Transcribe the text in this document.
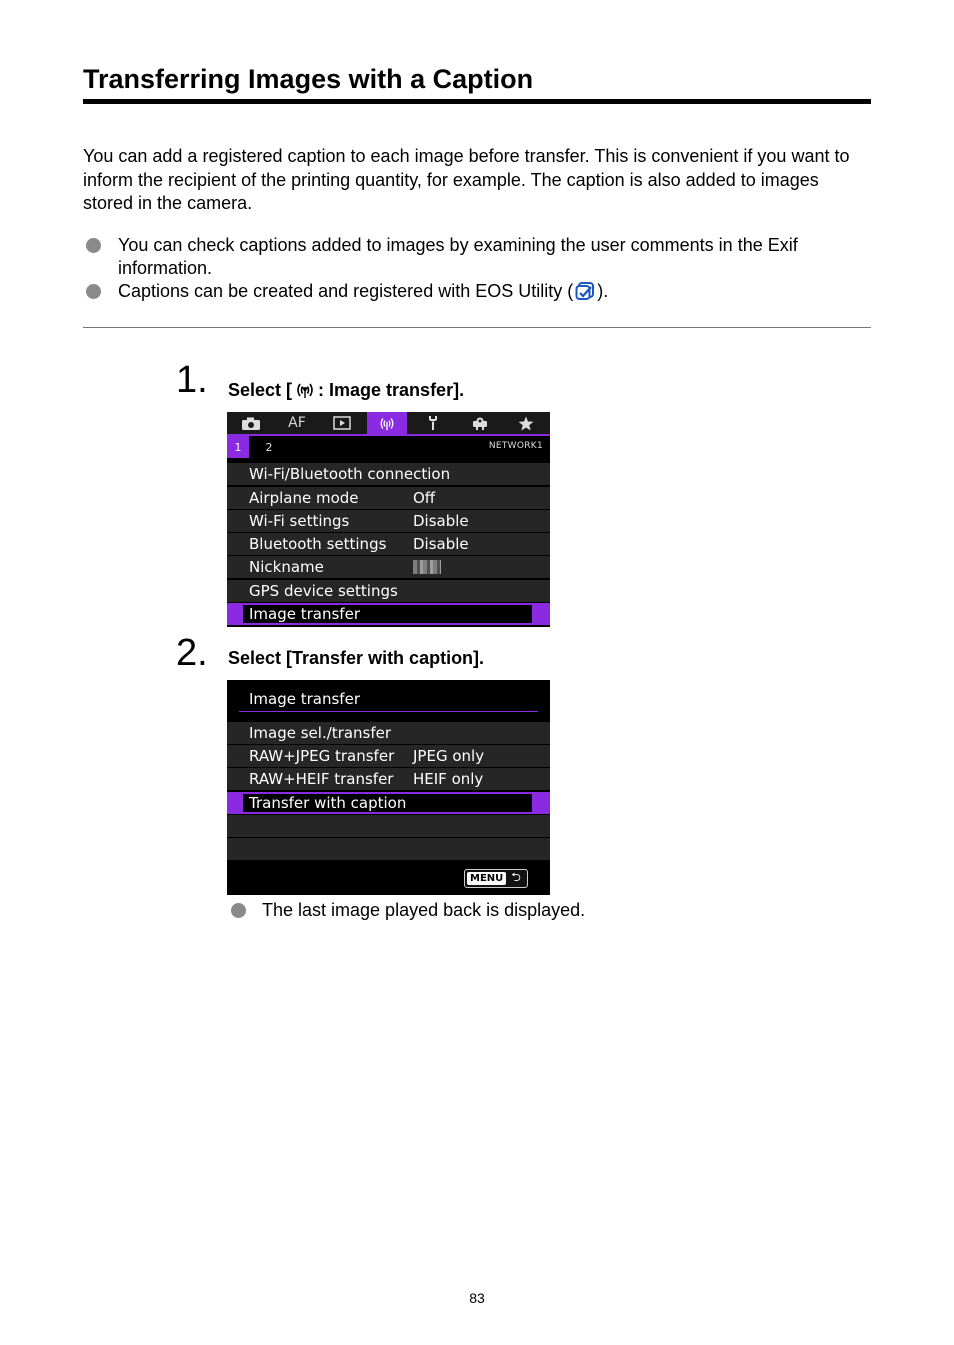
Transferring Images with a Caption

You can add a registered caption to each image before transfer. This is convenient if you want to inform the recipient of the printing quantity, for example. The caption is also added to images stored in the camera.

You can check captions added to images by examining the user comments in the Exif information.
Captions can be created and registered with EOS Utility ( ).
1. Select [ : Image transfer].
AF
1	2	NETWORK1
Wi-Fi/Bluetooth connection
Airplane mode	Off
Wi-Fi settings	Disable
Bluetooth settings Disable
Nickname
GPS device settings
Image transfer
2. Select [Transfer with caption].
Image transfer
Image sel./transfer
RAW+JPEG transfer JPEG only
RAW+HEIF transfer HEIF only
Transfer with caption
MENU ⮌
The last image played back is displayed.
83
